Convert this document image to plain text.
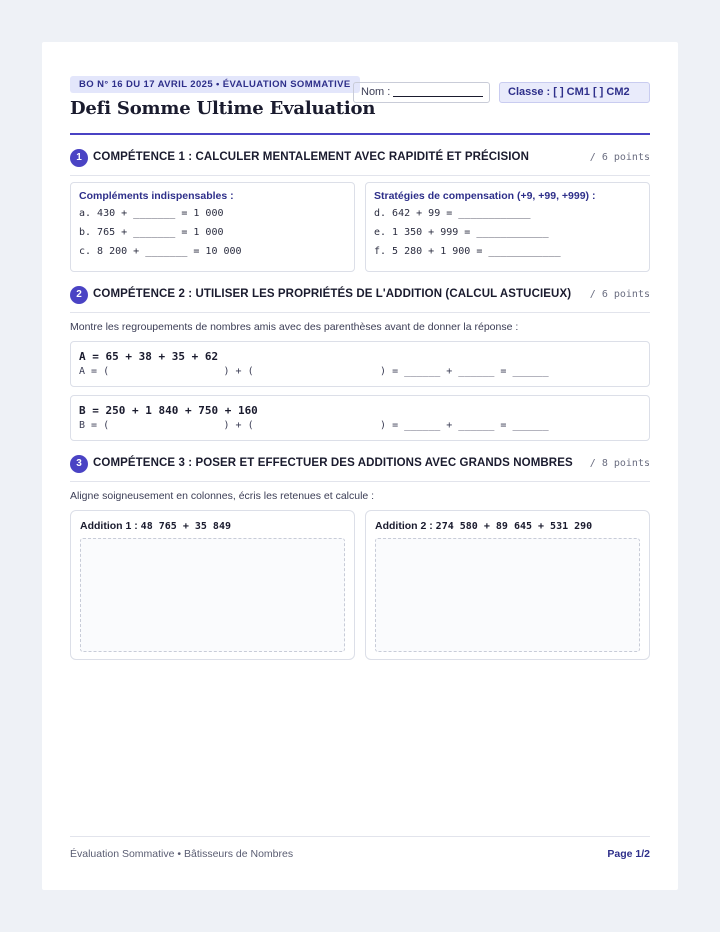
BO N° 16 DU 17 AVRIL 2025 • ÉVALUATION SOMMATIVE
Defi Somme Ultime Evaluation
Nom :	Classe : [ ] CM1 [ ] CM2
1 COMPÉTENCE 1 : CALCULER MENTALEMENT AVEC RAPIDITÉ ET PRÉCISION	/ 6 points
Compléments indispensables :
a. 430 + _______ = 1 000
b. 765 + _______ = 1 000
c. 8 200 + _______ = 10 000
Stratégies de compensation (+9, +99, +999) :
d. 642 + 99 = ____________
e. 1 350 + 999 = ____________
f. 5 280 + 1 900 = ____________
2 COMPÉTENCE 2 : UTILISER LES PROPRIÉTÉS DE L'ADDITION (CALCUL ASTUCIEUX) / 6 points
Montre les regroupements de nombres amis avec des parenthèses avant de donner la réponse :
A = 65 + 38 + 35 + 62
A = (                   ) + (                     ) = ______ + ______ = ______
B = 250 + 1 840 + 750 + 160
B = (                   ) + (                     ) = ______ + ______ = ______
3 COMPÉTENCE 3 : POSER ET EFFECTUER DES ADDITIONS AVEC GRANDS NOMBRES / 8 points
Aligne soigneusement en colonnes, écris les retenues et calcule :
Addition 1 : 48 765 + 35 849	Addition 2 : 274 580 + 89 645 + 531 290
Évaluation Sommative • Bâtisseurs de Nombres	Page 1/2
